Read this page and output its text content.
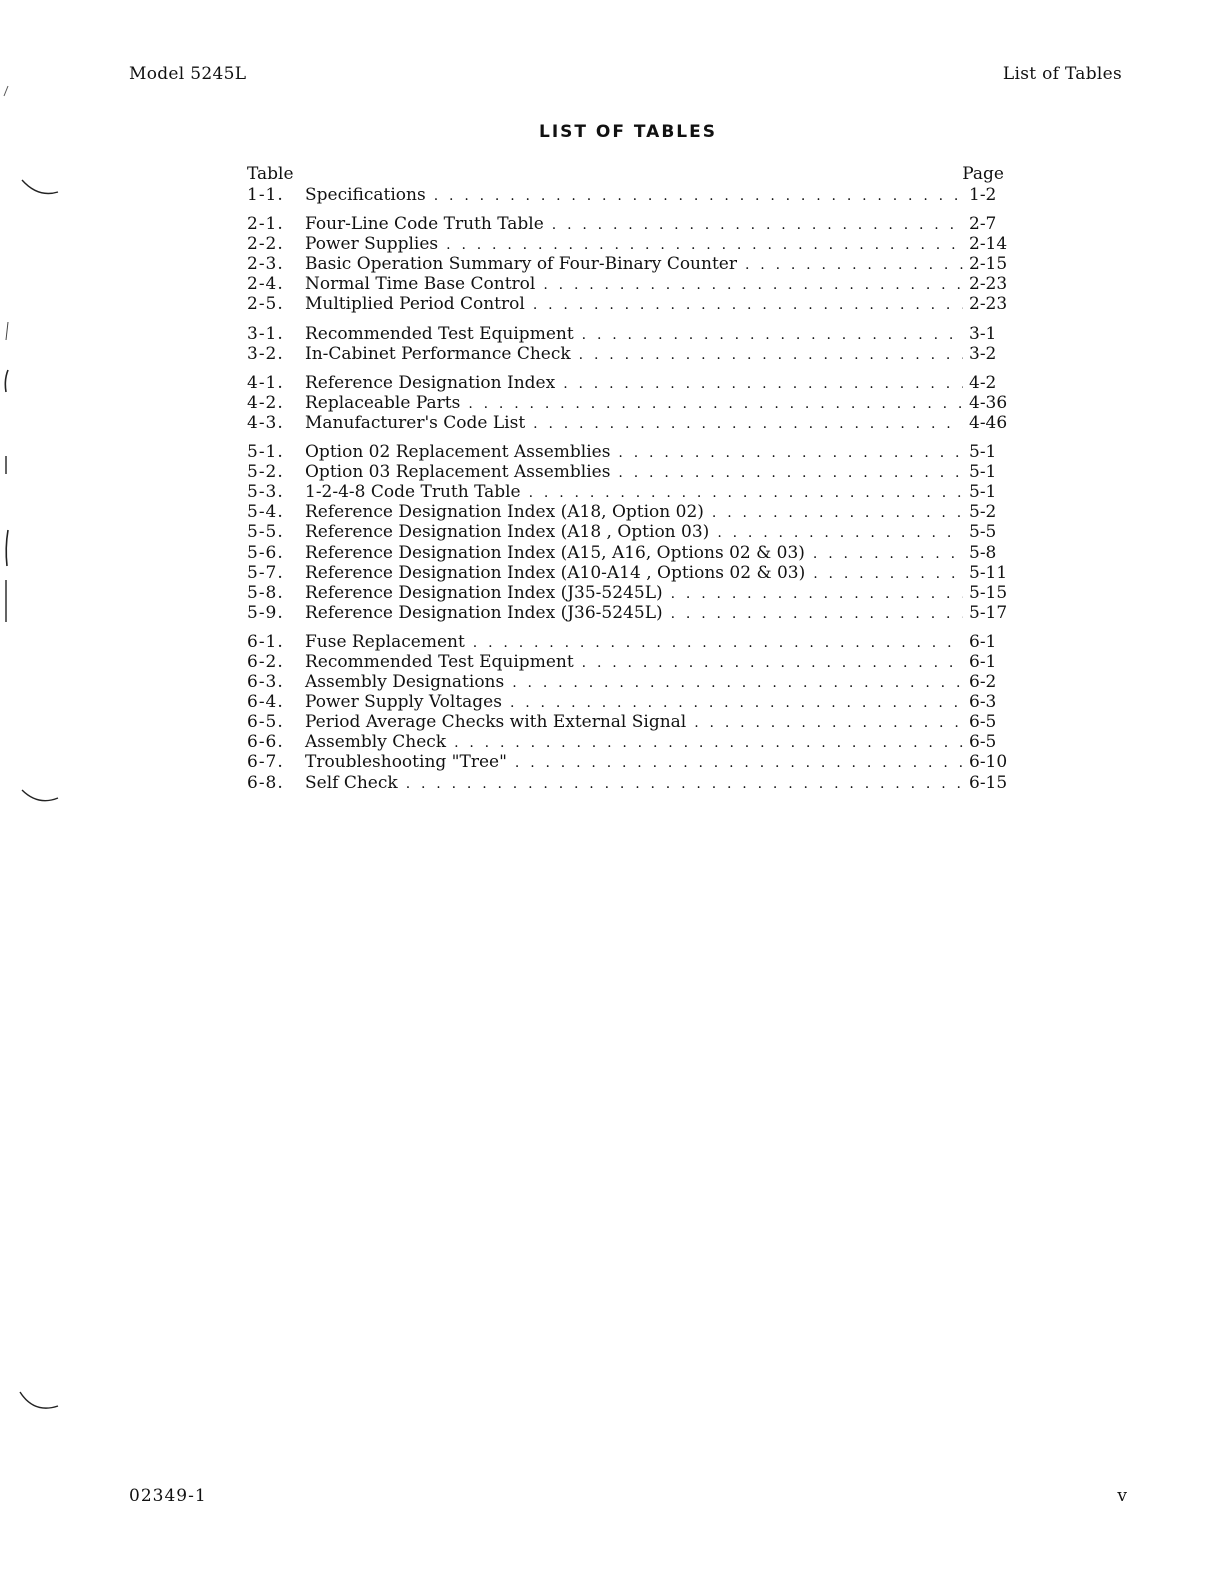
Model 5245L	List of Tables
LIST OF TABLES
Table	Page
1-1.	Specifications . . .	1-2
2-1.	Four-Line Code Truth Table . . .	2-7
2-2.	Power Supplies . . .	2-14
2-3.	Basic Operation Summary of Four-Binary Counter . . .	2-15
2-4.	Normal Time Base Control . . .	2-23
2-5.	Multiplied Period Control . . .	2-23
3-1.	Recommended Test Equipment . . .	3-1
3-2.	In-Cabinet Performance Check . . .	3-2
4-1.	Reference Designation Index . . .	4-2
4-2.	Replaceable Parts . . .	4-36
4-3.	Manufacturer's Code List . . .	4-46
5-1.	Option 02 Replacement Assemblies . . .	5-1
5-2.	Option 03 Replacement Assemblies . . .	5-1
5-3.	1-2-4-8 Code Truth Table . . .	5-1
5-4.	Reference Designation Index (A18, Option 02) . . .	5-2
5-5.	Reference Designation Index (A18 , Option 03) . . .	5-5
5-6.	Reference Designation Index (A15, A16, Options 02 & 03) . . .	5-8
5-7.	Reference Designation Index (A10-A14 , Options 02 & 03) . . .	5-11
5-8.	Reference Designation Index (J35-5245L) . . .	5-15
5-9.	Reference Designation Index (J36-5245L) . . .	5-17
6-1.	Fuse Replacement . . .	6-1
6-2.	Recommended Test Equipment . . .	6-1
6-3.	Assembly Designations . . .	6-2
6-4.	Power Supply Voltages . . .	6-3
6-5.	Period Average Checks with External Signal . . .	6-5
6-6.	Assembly Check . . .	6-5
6-7.	Troubleshooting "Tree" . . .	6-10
6-8.	Self Check . . .	6-15
02349-1	v
